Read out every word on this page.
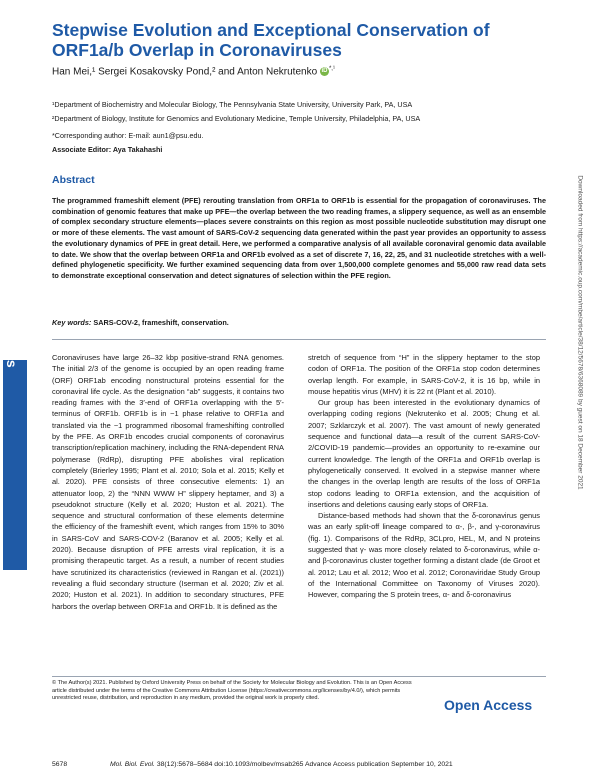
Stepwise Evolution and Exceptional Conservation of ORF1a/b Overlap in Coronaviruses
Han Mei,¹ Sergei Kosakovsky Pond,² and Anton Nekrutenko iD $^{*,^1}$
¹Department of Biochemistry and Molecular Biology, The Pennsylvania State University, University Park, PA, USA
²Department of Biology, Institute for Genomics and Evolutionary Medicine, Temple University, Philadelphia, PA, USA
*Corresponding author: E-mail: aun1@psu.edu.
Associate Editor: Aya Takahashi
Abstract

The programmed frameshift element (PFE) rerouting translation from ORF1a to ORF1b is essential for the propagation of coronaviruses. The combination of genomic features that make up PFE—the overlap between the two reading frames, a slippery sequence, as well as an ensemble of complex secondary structure elements—places severe constraints on this region as most possible nucleotide substitution may disrupt one or more of these elements. The vast amount of SARS-CoV-2 sequencing data generated within the past year provides an opportunity to assess the evolutionary dynamics of PFE in great detail. Here, we performed a comparative analysis of all available coronaviral genomic data available to date. We show that the overlap between ORF1a and ORF1b evolved as a set of discrete 7, 16, 22, 25, and 31 nucleotide stretches with a well-defined phylogenetic specificity. We further examined sequencing data from over 1,500,000 complete genomes and 55,000 raw read data sets to demonstrate exceptional conservation and detect signatures of selection within the PFE region.

Key words: SARS-COV-2, frameshift, conservation.
Brief Communications	Downloaded from https://academic.oup.com/mbe/article/38/12/5678/6368089 by guest on 18 December 2021

Coronaviruses have large 26–32 kbp positive-strand RNA genomes. The initial 2/3 of the genome is occupied by an open reading frame (ORF) ORF1ab encoding nonstructural proteins essential for the coronaviral life cycle. As the designation “ab” suggests, it contains two reading frames with the 3′-end of ORF1a overlapping with the 5′-terminus of ORF1b. ORF1b is in −1 phase relative to ORF1a and translated via the −1 programmed ribosomal frameshifting controlled by the PFE. As ORF1b encodes crucial components of coronavirus transcription/replication machinery, including the RNA-dependent RNA polymerase (RdRp), disrupting PFE abolishes viral replication completely (Brierley 1995; Plant et al. 2010; Sola et al. 2015; Kelly et al. 2020). PFE consists of three consecutive elements: 1) an attenuator loop, 2) the “NNN WWW H” slippery heptamer, and 3) a pseudoknot structure (Kelly et al. 2020; Huston et al. 2021). The sequence and structural conformation of these elements determine the efficiency of the frameshift event, which ranges from 15% to 30% in SARS-CoV and SARS-COV-2 (Baranov et al. 2005; Kelly et al. 2020). Because disruption of PFE arrests viral replication, it is a promising therapeutic target. As a result, a number of recent studies have scrutinized its characteristics (reviewed in Rangan et al. (2021)) revealing a fluid secondary structure (Iserman et al. 2020; Ziv et al. 2020; Huston et al. 2021). In addition to secondary structures, PFE harbors the overlap between ORF1a and ORF1b. It is defined as the

stretch of sequence from “H” in the slippery heptamer to the stop codon of ORF1a. The position of the ORF1a stop codon determines overlap length. For example, in SARS-CoV-2, it is 16 bp, while in mouse hepatitis virus (MHV) it is 22 nt (Plant et al. 2010).

Our group has been interested in the evolutionary dynamics of overlapping coding regions (Nekrutenko et al. 2005; Chung et al. 2007; Szklarczyk et al. 2007). The vast amount of newly generated sequence and functional data—a result of the current SARS-CoV-2/COVID-19 pandemic—provides an opportunity to re-examine our current knowledge. The length of the ORF1a and ORF1b overlap is phylogenetically conserved. It evolved in a stepwise manner where the changes in the overlap length are results of the loss of ORF1a stop codons leading to ORF1a extension, and the acquisition of insertions and deletions causing early stops of ORF1a.

Distance-based methods had shown that the δ-coronavirus genus was an early split-off lineage compared to α-, β-, and γ-coronavirus (fig. 1). Comparisons of the RdRp, 3CLpro, HEL, M, and N proteins suggested that γ- was more closely related to δ-coronavirus, while α- and β-coronavirus cluster together forming a distant clade (de Groot et al. 2012; Lau et al. 2012; Woo et al. 2012; Coronaviridae Study Group of the International Committee on Taxonomy of Viruses 2020). However, comparing the S protein trees, α- and δ-coronavirus

© The Author(s) 2021. Published by Oxford University Press on behalf of the Society for Molecular Biology and Evolution. This is an Open Access article distributed under the terms of the Creative Commons Attribution License (https://creativecommons.org/licenses/by/4.0/), which permits unrestricted reuse, distribution, and reproduction in any medium, provided the original work is properly cited.	Open Access
5678	Mol. Biol. Evol. 38(12):5678–5684 doi:10.1093/molbev/msab265 Advance Access publication September 10, 2021
